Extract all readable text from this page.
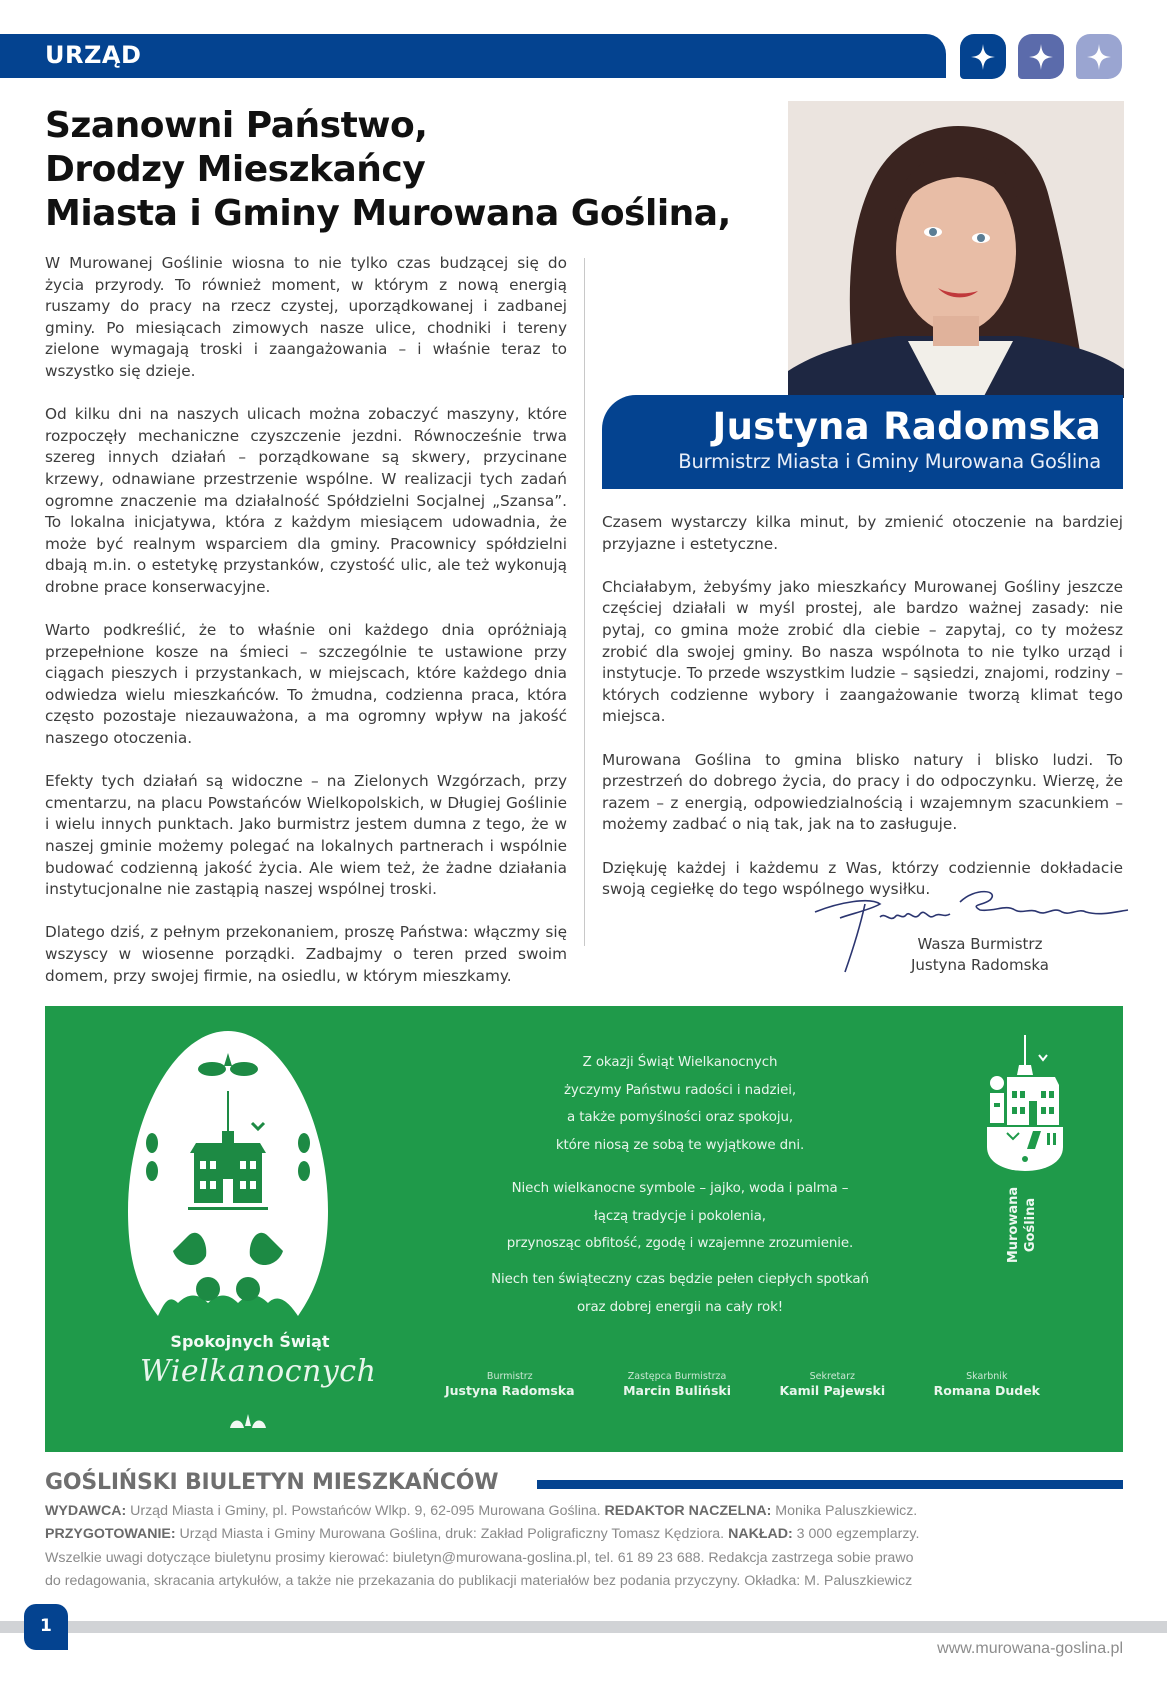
URZĄD
Szanowni Państwo,
Drodzy Mieszkańcy
Miasta i Gminy Murowana Goślina,

W Murowanej Goślinie wiosna to nie tylko czas budzącej się do życia przyrody. To również moment, w którym z nową energią ruszamy do pracy na rzecz czystej, uporządkowanej i zadbanej gminy. Po miesiącach zimowych nasze ulice, chodniki i tereny zielone wymagają troski i zaangażowania – i właśnie teraz to wszystko się dzieje.

Od kilku dni na naszych ulicach można zobaczyć maszyny, które rozpoczęły mechaniczne czyszczenie jezdni. Równocześnie trwa szereg innych działań – porządkowane są skwery, przycinane krzewy, odnawiane przestrzenie wspólne. W realizacji tych zadań ogromne znaczenie ma działalność Spółdzielni Socjalnej „Szansa”. To lokalna inicjatywa, która z każdym miesiącem udowadnia, że może być realnym wsparciem dla gminy. Pracownicy spółdzielni dbają m.in. o estetykę przystanków, czystość ulic, ale też wykonują drobne prace konserwacyjne.

Warto podkreślić, że to właśnie oni każdego dnia opróżniają przepełnione kosze na śmieci – szczególnie te ustawione przy ciągach pieszych i przystankach, w miejscach, które każdego dnia odwiedza wielu mieszkańców. To żmudna, codzienna praca, która często pozostaje niezauważona, a ma ogromny wpływ na jakość naszego otoczenia.

Efekty tych działań są widoczne – na Zielonych Wzgórzach, przy cmentarzu, na placu Powstańców Wielkopolskich, w Długiej Goślinie i wielu innych punktach. Jako burmistrz jestem dumna z tego, że w naszej gminie możemy polegać na lokalnych partnerach i wspólnie budować codzienną jakość życia. Ale wiem też, że żadne działania instytucjonalne nie zastąpią naszej wspólnej troski.

Dlatego dziś, z pełnym przekonaniem, proszę Państwa: włączmy się wszyscy w wiosenne porządki. Zadbajmy o teren przed swoim domem, przy swojej firmie, na osiedlu, w którym mieszkamy.

Justyna Radomska
Burmistrz Miasta i Gminy Murowana Goślina

Czasem wystarczy kilka minut, by zmienić otoczenie na bardziej przyjazne i estetyczne.

Chciałabym, żebyśmy jako mieszkańcy Murowanej Gośliny jeszcze częściej działali w myśl prostej, ale bardzo ważnej zasady: nie pytaj, co gmina może zrobić dla ciebie – zapytaj, co ty możesz zrobić dla swojej gminy. Bo nasza wspólnota to nie tylko urząd i instytucje. To przede wszystkim ludzie – sąsiedzi, znajomi, rodziny – których codzienne wybory i zaangażowanie tworzą klimat tego miejsca.

Murowana Goślina to gmina blisko natury i blisko ludzi. To przestrzeń do dobrego życia, do pracy i do odpoczynku. Wierzę, że razem – z energią, odpowiedzialnością i wzajemnym szacunkiem – możemy zadbać o nią tak, jak na to zasługuje.

Dziękuję każdej i każdemu z Was, którzy codziennie dokładacie swoją cegiełkę do tego wspólnego wysiłku.

Wasza Burmistrz
Justyna Radomska
Z okazji Świąt Wielkanocnych
życzymy Państwu radości i nadziei,
a także pomyślności oraz spokoju,
które niosą ze sobą te wyjątkowe dni.
Niech wielkanocne symbole – jajko, woda i palma –
łączą tradycje i pokolenia,
przynosząc obfitość, zgodę i wzajemne zrozumienie.
Niech ten świąteczny czas będzie pełen ciepłych spotkań
oraz dobrej energii na cały rok!
Spokojnych Świąt
Wielkanocnych	Burmistrz
Justyna Radomska
Zastępca Burmistrza
Marcin Buliński
Sekretarz
Kamil Pajewski
Skarbnik
Romana Dudek
Murowana Goślina
GOŚLIŃSKI BIULETYN MIESZKAŃCÓW
WYDAWCA: Urząd Miasta i Gminy, pl. Powstańców Wlkp. 9, 62-095 Murowana Goślina. REDAKTOR NACZELNA: Monika Paluszkiewicz.
PRZYGOTOWANIE: Urząd Miasta i Gminy Murowana Goślina, druk: Zakład Poligraficzny Tomasz Kędziora. NAKŁAD: 3 000 egzemplarzy.
Wszelkie uwagi dotyczące biuletynu prosimy kierować: biuletyn@murowana-goslina.pl, tel. 61 89 23 688. Redakcja zastrzega sobie prawo
do redagowania, skracania artykułów, a także nie przekazania do publikacji materiałów bez podania przyczyny. Okładka: M. Paluszkiewicz
1
www.murowana-goslina.pl
